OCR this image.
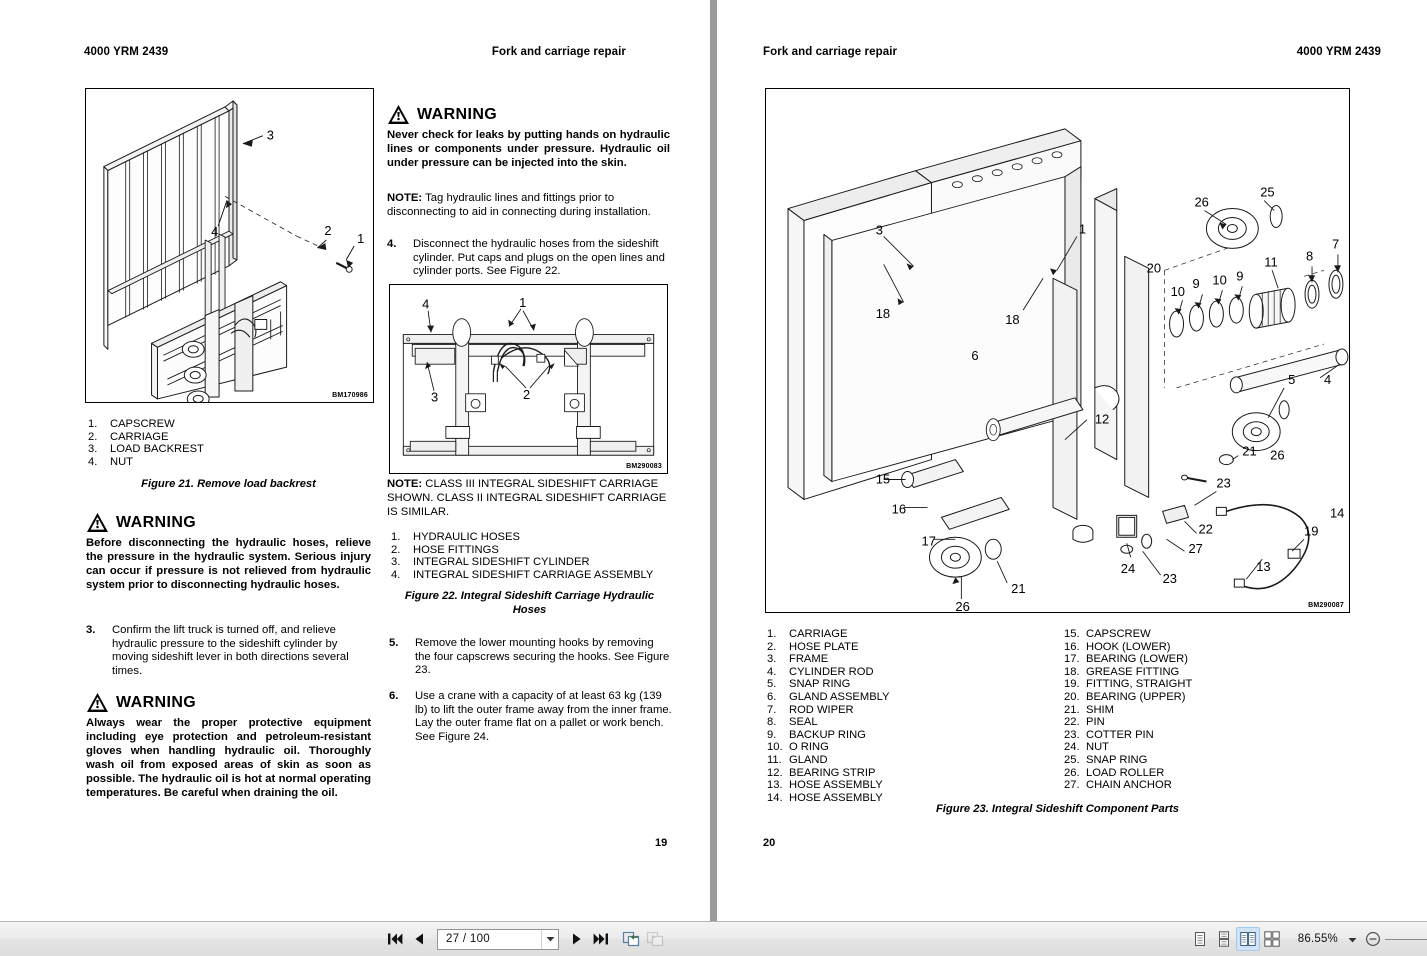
4000 YRM 2439	Fork and carriage repair
3
4	2
1
BM170986
1.	CAPSCREW
2.	CARRIAGE
3.	LOAD BACKREST
4.	NUT
Figure 21. Remove load backrest
WARNING
Before disconnecting the hydraulic hoses, relieve the pressure in the hydraulic system. Serious injury can occur if pressure is not relieved from hydraulic system prior to disconnecting hydraulic hoses.
3.	Confirm the lift truck is turned off, and relieve hydraulic pressure to the sideshift cylinder by moving sideshift lever in both directions several times.
WARNING
Always wear the proper protective equipment including eye protection and petroleum-resistant gloves when handling hydraulic oil. Thoroughly wash oil from exposed areas of skin as soon as possible. The hydraulic oil is hot at normal operating temperatures. Be careful when draining the oil.
WARNING
Never check for leaks by putting hands on hydraulic lines or components under pressure. Hydraulic oil under pressure can be injected into the skin.
NOTE: Tag hydraulic lines and fittings prior to disconnecting to aid in connecting during installation.
4.	Disconnect the hydraulic hoses from the sideshift cylinder. Put caps and plugs on the open lines and cylinder ports. See Figure 22.
4
3
1
2
BM290083
NOTE: CLASS III INTEGRAL SIDESHIFT CARRIAGE SHOWN. CLASS II INTEGRAL SIDESHIFT CARRIAGE IS SIMILAR.
1.	HYDRAULIC HOSES
2.	HOSE FITTINGS
3.	INTEGRAL SIDESHIFT CYLINDER
4.	INTEGRAL SIDESHIFT CARRIAGE ASSEMBLY
Figure 22. Integral Sideshift Carriage Hydraulic Hoses
5.	Remove the lower mounting hooks by removing the four capscrews securing the hooks. See Figure 23.
6.	Use a crane with a capacity of at least 63 kg (139 lb) to lift the outer frame away from the inner frame. Lay the outer frame flat on a pallet or work bench. See Figure 24.
19
Fork and carriage repair	4000 YRM 2439
3
18	18
1
12
15
16
17
26
21
26
25
10
9 10 9
11 8
7
20
4
5
21 26
23
22
27
23
24
19
13
14
6
BM290087
1.	CARRIAGE
2.	HOSE PLATE
3.	FRAME
4.	CYLINDER ROD
5.	SNAP RING
6.	GLAND ASSEMBLY
7.	ROD WIPER
8.	SEAL
9.	BACKUP RING
10. O RING
11. GLAND
12. BEARING STRIP
13. HOSE ASSEMBLY
14. HOSE ASSEMBLY
15. CAPSCREW
16. HOOK (LOWER)
17. BEARING (LOWER)
18. GREASE FITTING
19. FITTING, STRAIGHT
20. BEARING (UPPER)
21. SHIM
22. PIN
23. COTTER PIN
24. NUT
25. SNAP RING
26. LOAD ROLLER
27. CHAIN ANCHOR
Figure 23. Integral Sideshift Component Parts
20
27 / 100	86.55%
